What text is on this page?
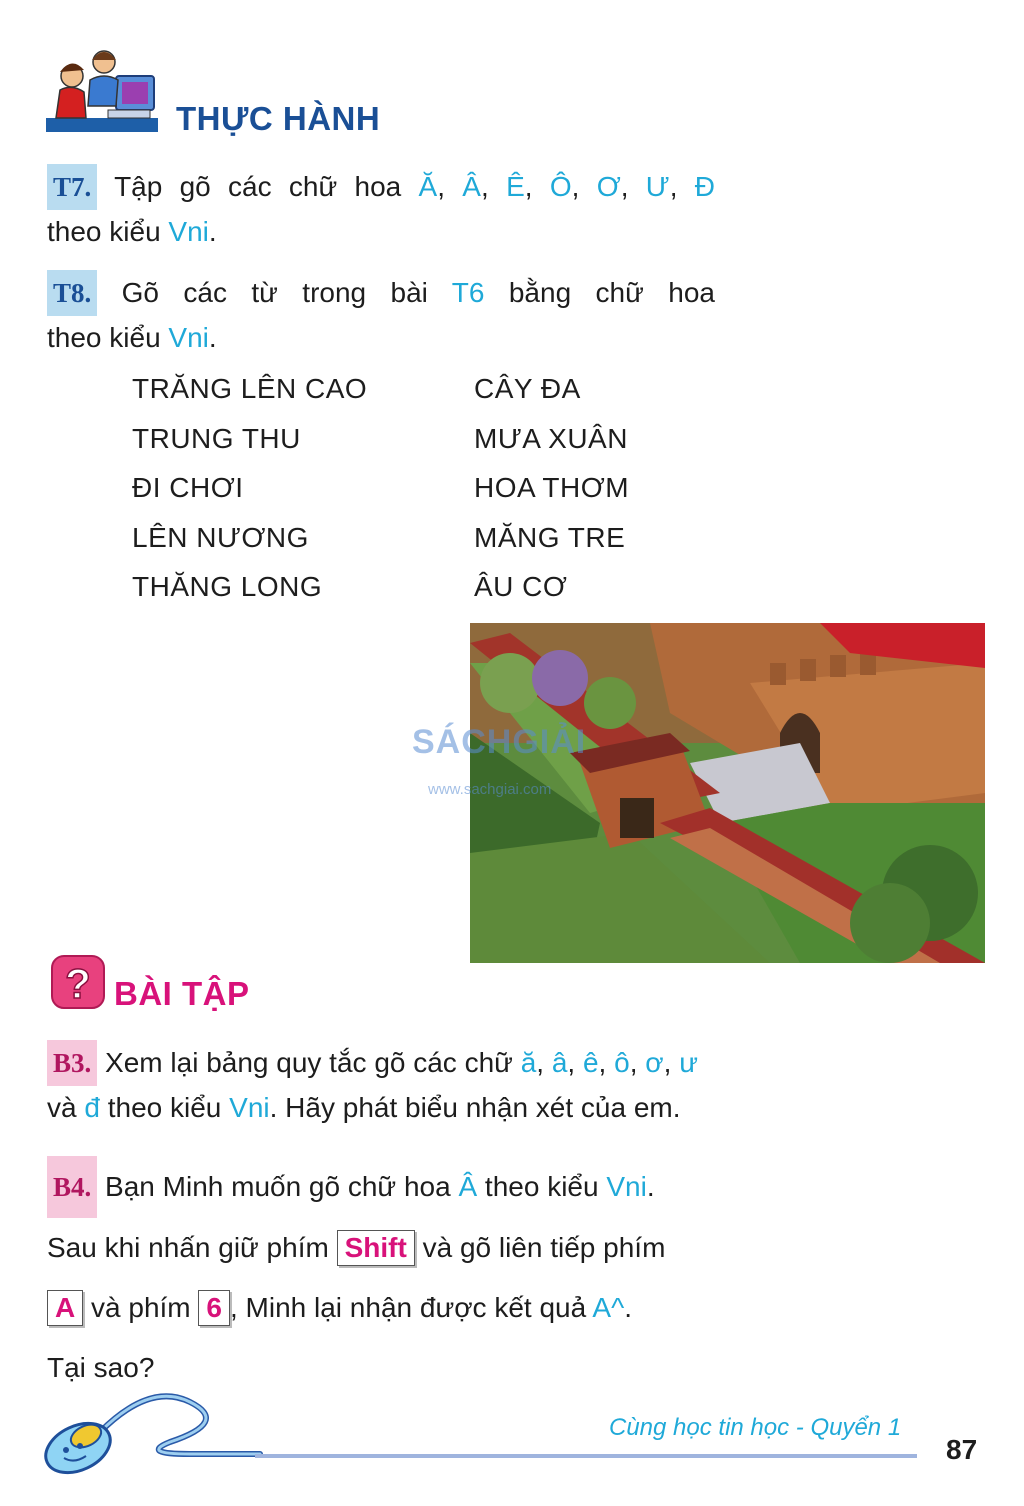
THỰC HÀNH
T7. Tập gõ các chữ hoa Ă, Â, Ê, Ô, Ơ, Ư, Đ
theo kiểu Vni.
T8. Gõ các từ trong bài T6 bằng chữ hoa
theo kiểu Vni.
TRĂNG LÊN CAO
TRUNG THU
ĐI CHƠI
LÊN NƯƠNG
THĂNG LONG
CÂY ĐA
MƯA XUÂN
HOA THƠM
MĂNG TRE
ÂU CƠ
SÁCHGIẢI
www.sachgiai.com
? BÀI TẬP
B3. Xem lại bảng quy tắc gõ các chữ ă, â, ê, ô, ơ, ư
và đ theo kiểu Vni. Hãy phát biểu nhận xét của em.
B4. Bạn Minh muốn gõ chữ hoa Â theo kiểu Vni.
Sau khi nhấn giữ phím Shift và gõ liên tiếp phím
A và phím 6 , Minh lại nhận được kết quả A^.
Tại sao?
Cùng học tin học - Quyển 1
87
